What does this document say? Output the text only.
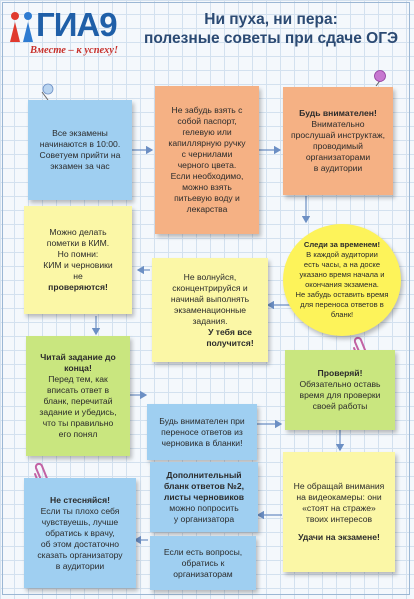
ГИА9
Вместе – к успеху!
Ни пуха, ни пера:
полезные советы при сдаче ОГЭ
Все экзамены
начинаются в 10:00.
Советуем прийти на
экзамен за час
Не забудь взять с
собой паспорт,
гелевую или
капиллярную ручку
с чернилами
черного цвета.
Если необходимо,
можно взять
питьевую воду и
лекарства
Будь внимателен!
Внимательно
прослушай инструктаж,
проводимый
организаторами
в аудитории
Можно делать
пометки в КИМ.
Но помни:
КИМ и черновики
не
проверяются!
Следи за временем!
В каждой аудитории
есть часы, а на доске
указано время начала и
окончания экзамена.
Не забудь оставить время
для переноса ответов в
бланк!
Не волнуйся,
сконцентрируйся и
начинай выполнять
экзаменационные
задания.
У тебя все
получится!
Читай задание до
конца!
Перед тем, как
вписать ответ в
бланк, перечитай
задание и убедись,
что ты правильно
его понял
Проверяй!
Обязательно оставь
время для проверки
своей работы
Будь внимателен при
переносе ответов из
черновика в бланки!
Дополнительный
бланк ответов №2,
листы черновиков
можно попросить
у организатора
Не обращай внимания
на видеокамеры: они
«стоят на страже»
твоих интересов
Удачи на экзамене!
Не стесняйся!
Если ты плохо себя
чувствуешь, лучше
обратись к врачу,
об этом достаточно
сказать организатору
в аудитории
Если есть вопросы,
обратись к
организаторам
